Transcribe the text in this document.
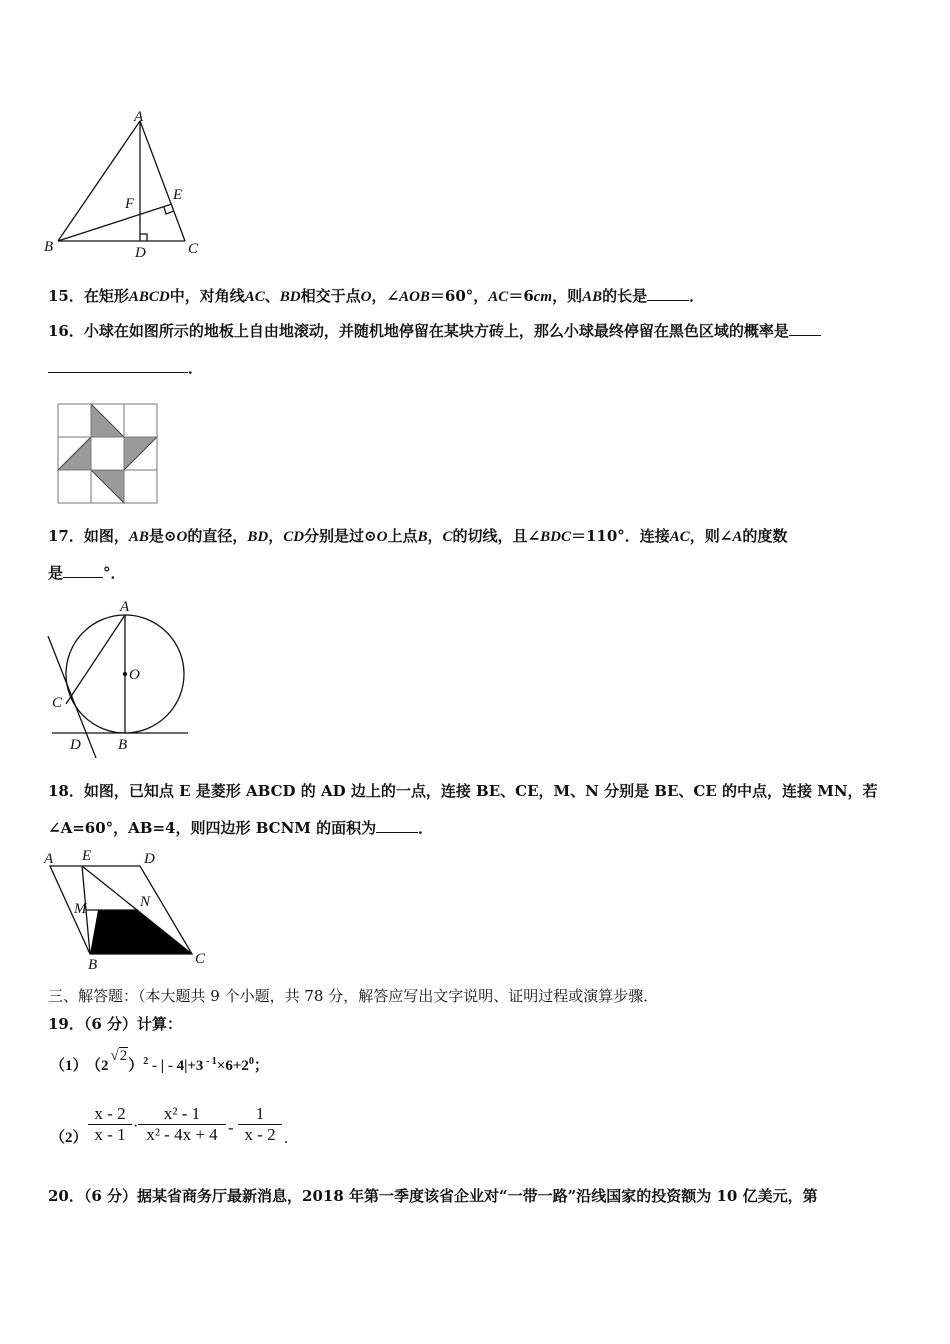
A
B	C
D
E
F
15．在矩形ABCD中，对角线AC、BD相交于点O，∠AOB＝60°，AC＝6cm，则AB的长是	．
16．小球在如图所示的地板上自由地滚动，并随机地停留在某块方砖上，那么小球最终停留在黑色区域的概率是
．
17．如图，AB是⊙O的直径，BD，CD分别是过⊙O上点B，C的切线，且∠BDC＝110°．连接AC，则∠A的度数
是	°．
A
O
C
D B
18．如图，已知点 E 是菱形 ABCD 的 AD 边上的一点，连接 BE、CE，M、N 分别是 BE、CE 的中点，连接 MN，若
∠A=60°，AB=4，则四边形 BCNM 的面积为	．
A E	D
M	N
B	C
三、解答题：（本大题共 9 个小题，共 78 分，解答应写出文字说明、证明过程或演算步骤．
19．（6 分）计算：
（1） $(2√2)^2$ - | - 4|+3 $^{- 1}\times 6+2^0$；
（2）
x - 2
x - 1 ·
x² - 1
x² - 4x + 4 -
1
x - 2 .
20．（6 分）据某省商务厅最新消息，2018 年第一季度该省企业对“一带一路”沿线国家的投资额为 10 亿美元，第
